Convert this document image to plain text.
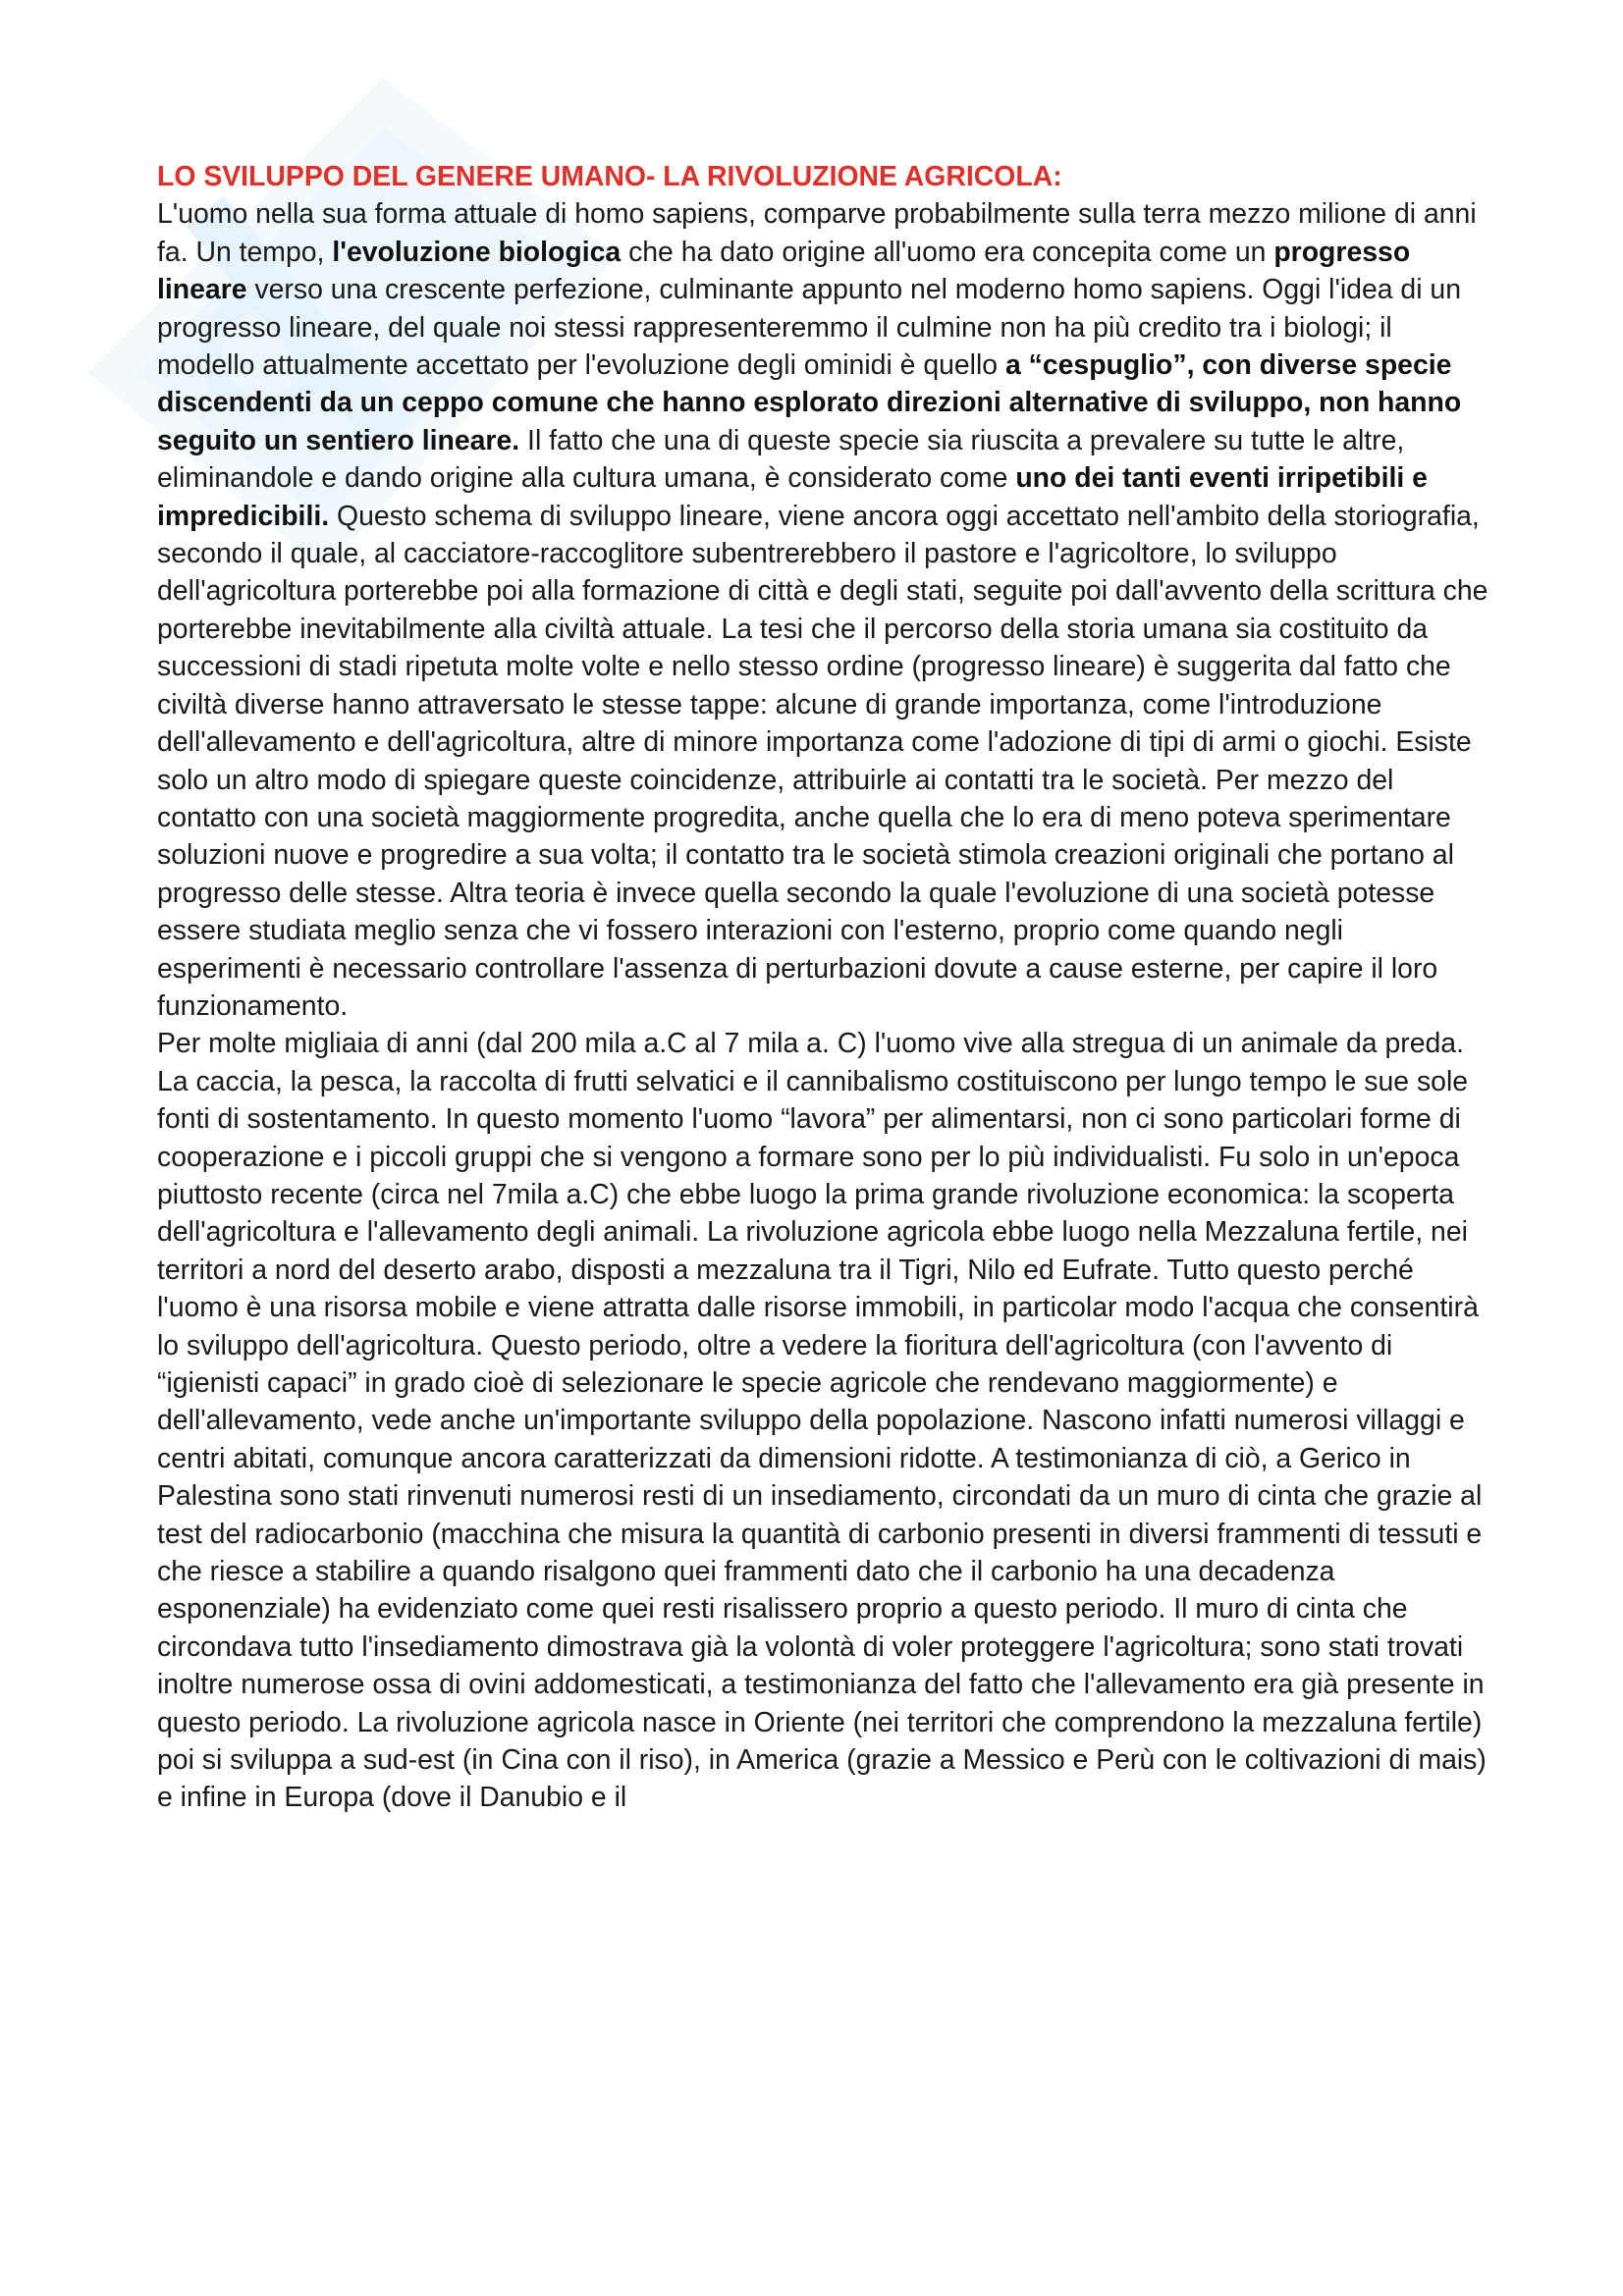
LO SVILUPPO DEL GENERE UMANO- LA RIVOLUZIONE AGRICOLA:

L'uomo nella sua forma attuale di homo sapiens, comparve probabilmente sulla terra mezzo milione di anni fa. Un tempo, l'evoluzione biologica che ha dato origine all'uomo era concepita come un progresso lineare verso una crescente perfezione, culminante appunto nel moderno homo sapiens. Oggi l'idea di un progresso lineare, del quale noi stessi rappresenteremmo il culmine non ha più credito tra i biologi; il modello attualmente accettato per l'evoluzione degli ominidi è quello a “cespuglio”, con diverse specie discendenti da un ceppo comune che hanno esplorato direzioni alternative di sviluppo, non hanno seguito un sentiero lineare. Il fatto che una di queste specie sia riuscita a prevalere su tutte le altre, eliminandole e dando origine alla cultura umana, è considerato come uno dei tanti eventi irripetibili e impredicibili. Questo schema di sviluppo lineare, viene ancora oggi accettato nell'ambito della storiografia, secondo il quale, al cacciatore-raccoglitore subentrerebbero il pastore e l'agricoltore, lo sviluppo dell'agricoltura porterebbe poi alla formazione di città e degli stati, seguite poi dall'avvento della scrittura che porterebbe inevitabilmente alla civiltà attuale. La tesi che il percorso della storia umana sia costituito da successioni di stadi ripetuta molte volte e nello stesso ordine (progresso lineare) è suggerita dal fatto che civiltà diverse hanno attraversato le stesse tappe: alcune di grande importanza, come l'introduzione dell'allevamento e dell'agricoltura, altre di minore importanza come l'adozione di tipi di armi o giochi. Esiste solo un altro modo di spiegare queste coincidenze, attribuirle ai contatti tra le società. Per mezzo del contatto con una società maggiormente progredita, anche quella che lo era di meno poteva sperimentare soluzioni nuove e progredire a sua volta; il contatto tra le società stimola creazioni originali che portano al progresso delle stesse. Altra teoria è invece quella secondo la quale l'evoluzione di una società potesse essere studiata meglio senza che vi fossero interazioni con l'esterno, proprio come quando negli esperimenti è necessario controllare l'assenza di perturbazioni dovute a cause esterne, per capire il loro funzionamento.

Per molte migliaia di anni (dal 200 mila a.C al 7 mila a. C) l'uomo vive alla stregua di un animale da preda. La caccia, la pesca, la raccolta di frutti selvatici e il cannibalismo costituiscono per lungo tempo le sue sole fonti di sostentamento. In questo momento l'uomo “lavora” per alimentarsi, non ci sono particolari forme di cooperazione e i piccoli gruppi che si vengono a formare sono per lo più individualisti. Fu solo in un'epoca piuttosto recente (circa nel 7mila a.C) che ebbe luogo la prima grande rivoluzione economica: la scoperta dell'agricoltura e l'allevamento degli animali. La rivoluzione agricola ebbe luogo nella Mezzaluna fertile, nei territori a nord del deserto arabo, disposti a mezzaluna tra il Tigri, Nilo ed Eufrate. Tutto questo perché l'uomo è una risorsa mobile e viene attratta dalle risorse immobili, in particolar modo l'acqua che consentirà lo sviluppo dell'agricoltura. Questo periodo, oltre a vedere la fioritura dell'agricoltura (con l'avvento di “igienisti capaci” in grado cioè di selezionare le specie agricole che rendevano maggiormente) e dell'allevamento, vede anche un'importante sviluppo della popolazione. Nascono infatti numerosi villaggi e centri abitati, comunque ancora caratterizzati da dimensioni ridotte. A testimonianza di ciò, a Gerico in Palestina sono stati rinvenuti numerosi resti di un insediamento, circondati da un muro di cinta che grazie al test del radiocarbonio (macchina che misura la quantità di carbonio presenti in diversi frammenti di tessuti e che riesce a stabilire a quando risalgono quei frammenti dato che il carbonio ha una decadenza esponenziale) ha evidenziato come quei resti risalissero proprio a questo periodo. Il muro di cinta che circondava tutto l'insediamento dimostrava già la volontà di voler proteggere l'agricoltura; sono stati trovati inoltre numerose ossa di ovini addomesticati, a testimonianza del fatto che l'allevamento era già presente in questo periodo. La rivoluzione agricola nasce in Oriente (nei territori che comprendono la mezzaluna fertile) poi si sviluppa a sud-est (in Cina con il riso), in America (grazie a Messico e Perù con le coltivazioni di mais) e infine in Europa (dove il Danubio e il
